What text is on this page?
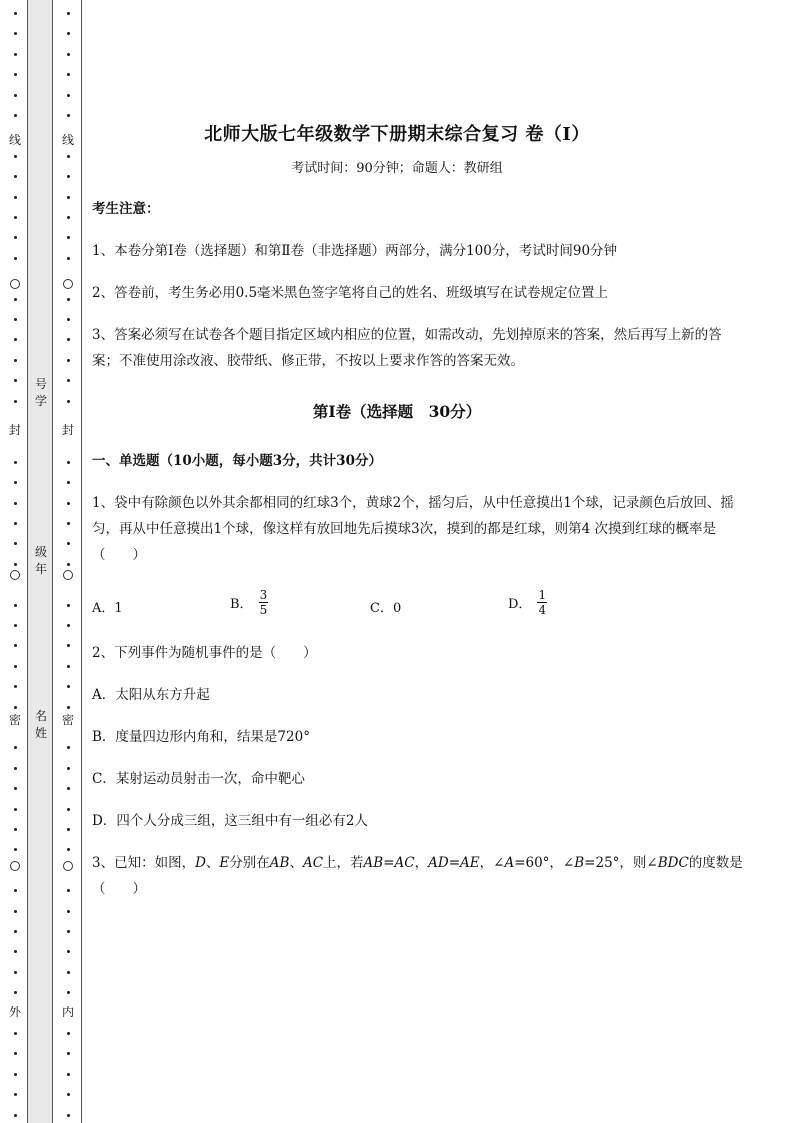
线
封
密
外
号
学
级
年
名
姓
线
封
密
内
北师大版七年级数学下册期末综合复习 卷（Ⅰ）
考试时间：90分钟；命题人：教研组
考生注意：
1、本卷分第Ⅰ卷（选择题）和第Ⅱ卷（非选择题）两部分，满分100分，考试时间90分钟
2、答卷前，考生务必用0.5毫米黑色签字笔将自己的姓名、班级填写在试卷规定位置上
3、答案必须写在试卷各个题目指定区域内相应的位置，如需改动，先划掉原来的答案，然后再写上新的答案；不准使用涂改液、胶带纸、修正带，不按以上要求作答的答案无效。
第Ⅰ卷（选择题　30分）
一、单选题（10小题，每小题3分，共计30分）
1、袋中有除颜色以外其余都相同的红球3个，黄球2个，摇匀后，从中任意摸出1个球，记录颜色后放回、摇匀，再从中任意摸出1个球，像这样有放回地先后摸球3次，摸到的都是红球，则第4 次摸到红球的概率是（　　）
A．1	B． $\frac{3}{5}$	C．0	D． $\frac{1}{4}$
2、下列事件为随机事件的是（　　）
A．太阳从东方升起
B．度量四边形内角和，结果是720°
C．某射运动员射击一次，命中靶心
D．四个人分成三组，这三组中有一组必有2人
3、已知：如图，D、E分别在AB、AC上，若AB=AC，AD=AE，∠A=60°，∠B=25°，则∠BDC的度数是（　　）
